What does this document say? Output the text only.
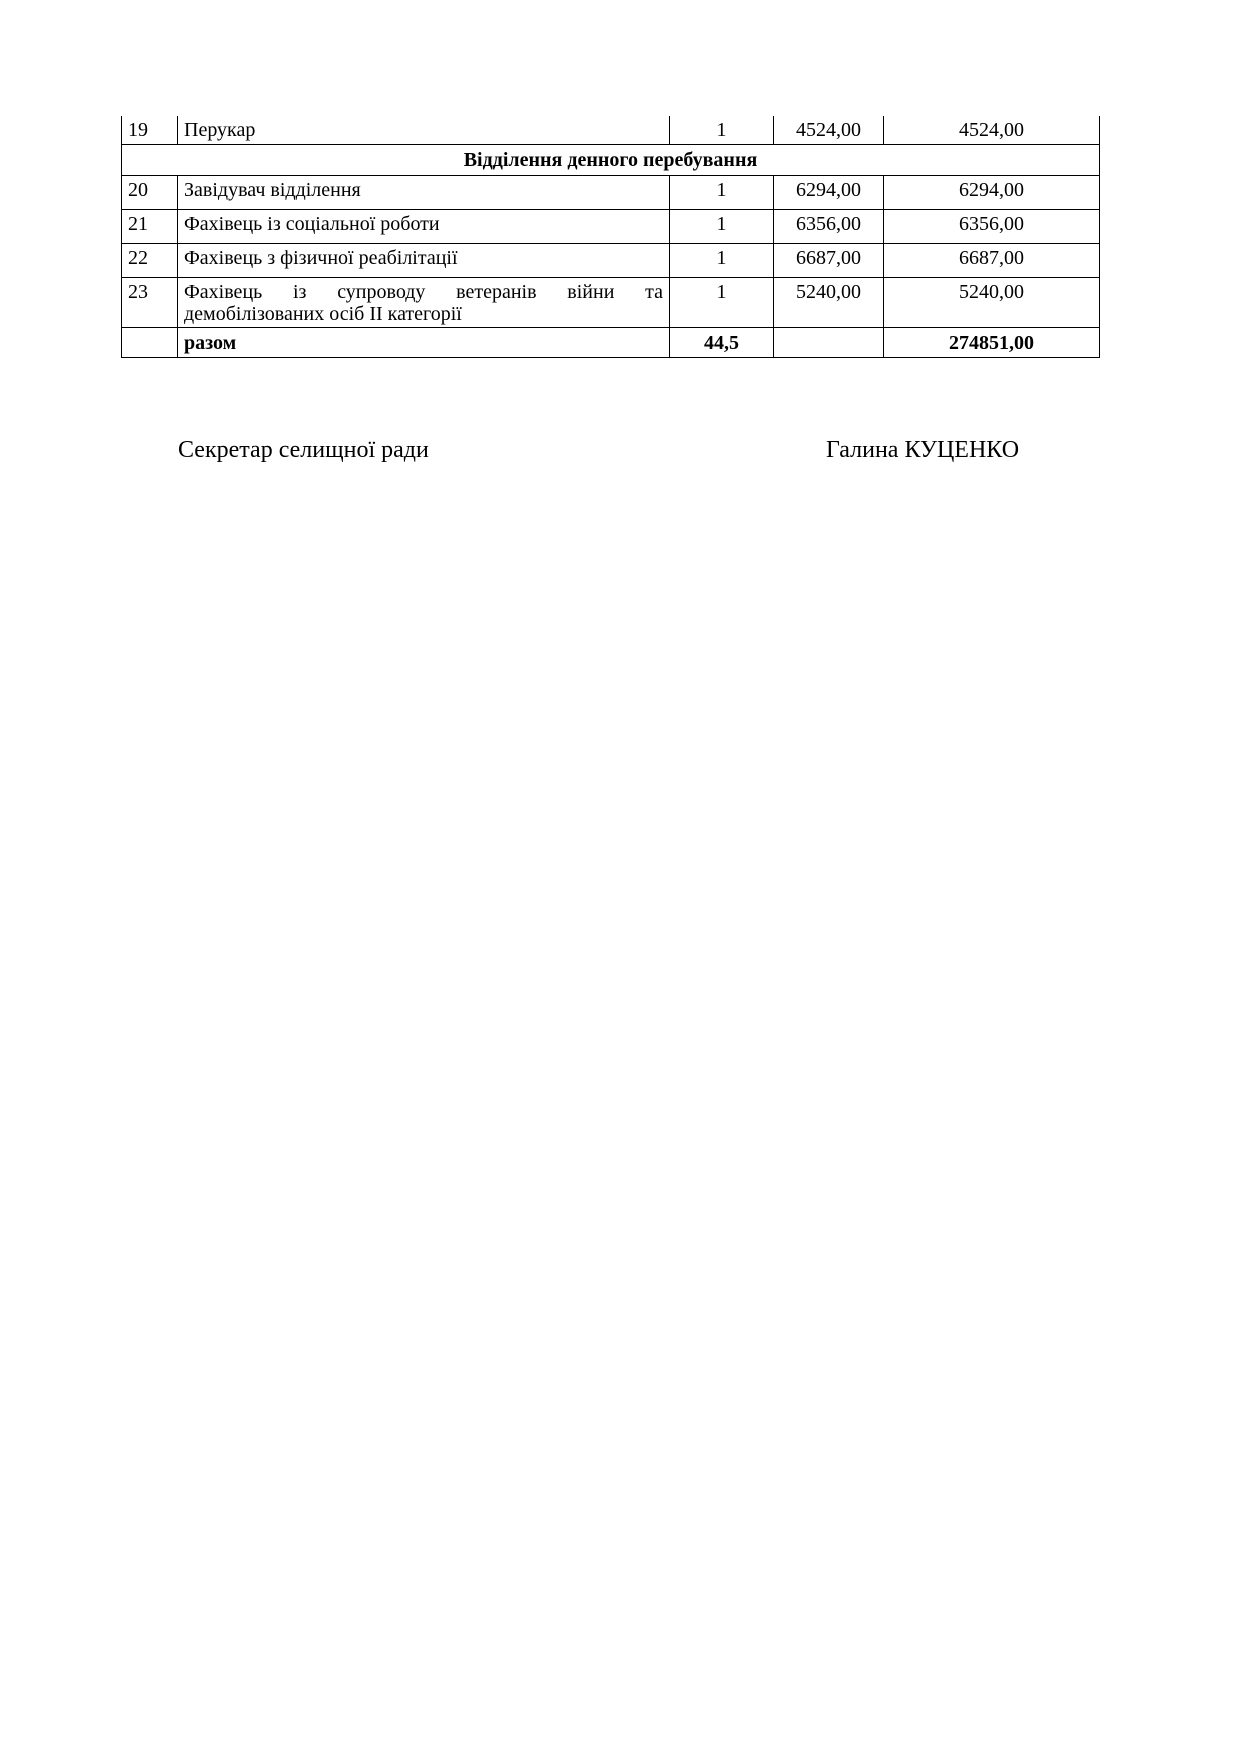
19	Перукар	1	4524,00	4524,00
Відділення денного перебування				
20	Завідувач відділення	1	6294,00	6294,00
21	Фахівець із соціальної роботи	1	6356,00	6356,00
22	Фахівець з фізичної реабілітації	1	6687,00	6687,00
23	Фахівець із супроводу ветеранів війни та демобілізованих осіб ІІ категорії	1	5240,00	5240,00
	разом	44,5		274851,00
Секретар селищної ради	Галина КУЦЕНКО
